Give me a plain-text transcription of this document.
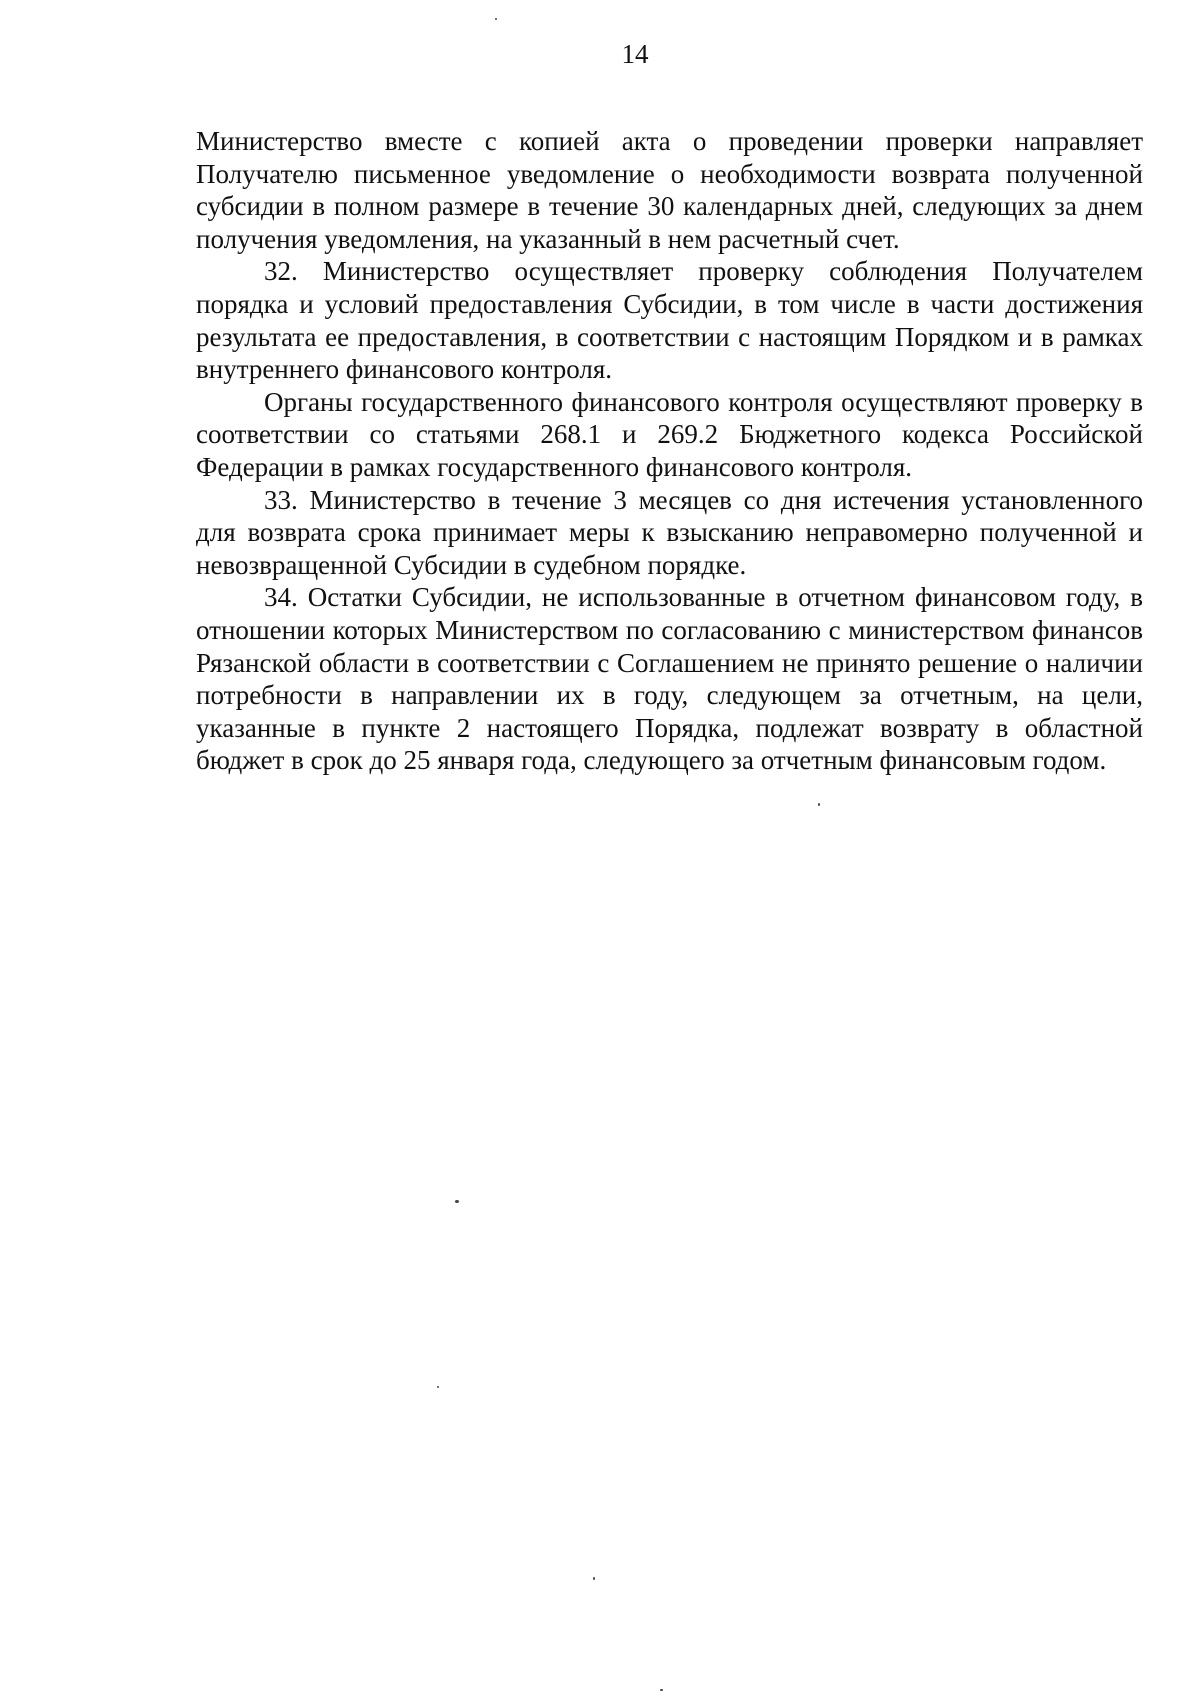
14

Министерство вместе с копией акта о проведении проверки направляет Получателю письменное уведомление о необходимости возврата полученной субсидии в полном размере в течение 30 календарных дней, следующих за днем получения уведомления, на указанный в нем расчетный счет.

32. Министерство осуществляет проверку соблюдения Получателем порядка и условий предоставления Субсидии, в том числе в части достижения результата ее предоставления, в соответствии с настоящим Порядком и в рамках внутреннего финансового контроля.

Органы государственного финансового контроля осуществляют проверку в соответствии со статьями 268.1 и 269.2 Бюджетного кодекса Российской Федерации в рамках государственного финансового контроля.

33. Министерство в течение 3 месяцев со дня истечения установленного для возврата срока принимает меры к взысканию неправомерно полученной и невозвращенной Субсидии в судебном порядке.

34. Остатки Субсидии, не использованные в отчетном финансовом году, в отношении которых Министерством по согласованию с министерством финансов Рязанской области в соответствии с Соглашением не принято решение о наличии потребности в направлении их в году, следующем за отчетным, на цели, указанные в пункте 2 настоящего Порядка, подлежат возврату в областной бюджет в срок до 25 января года, следующего за отчетным финансовым годом.
